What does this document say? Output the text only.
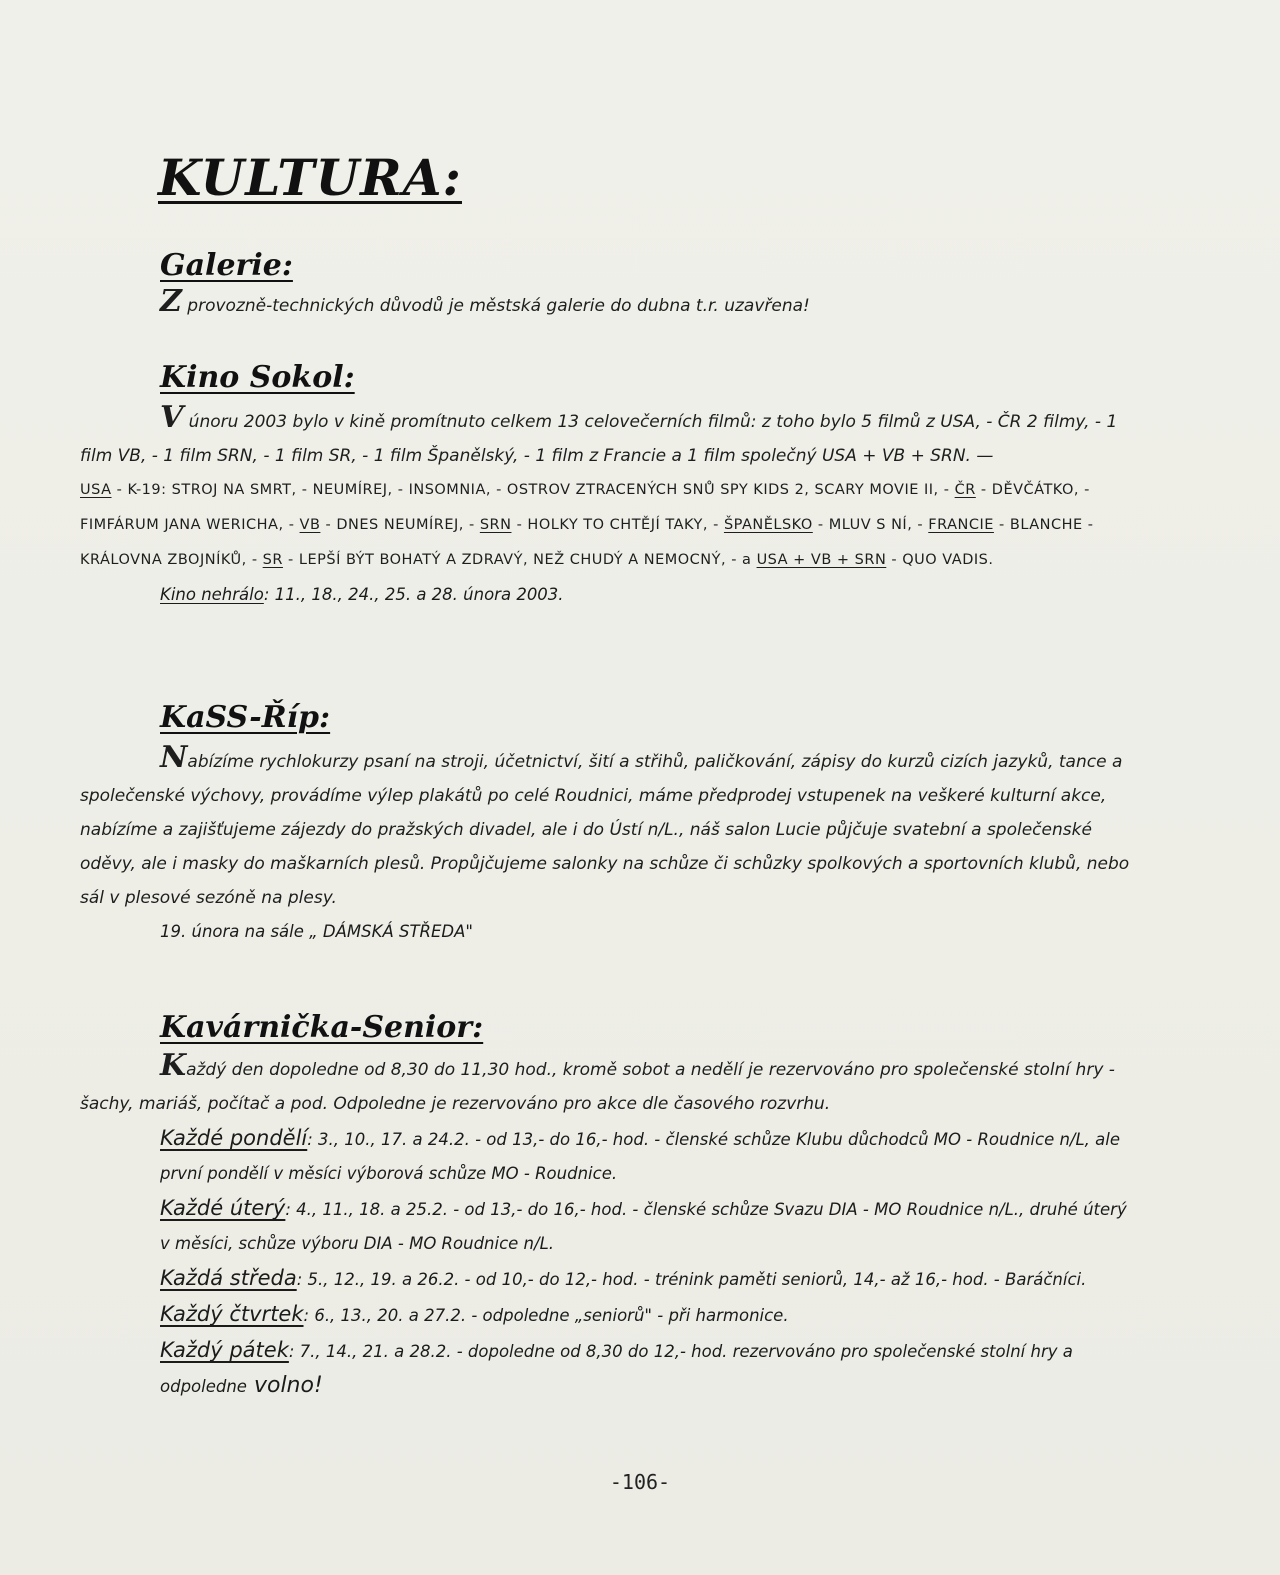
KULTURA:
Galerie:

Z provozně-technických důvodů je městská galerie do dubna t.r. uzavřena!

Kino Sokol:

V únoru 2003 bylo v kině promítnuto celkem 13 celovečerních filmů: z toho bylo 5 filmů z USA, - ČR 2 filmy, - 1 film VB, - 1 film SRN, - 1 film SR, - 1 film Španělský, - 1 film z Francie a 1 film společný USA + VB + SRN. —

USA - K-19: STROJ NA SMRT, - NEUMÍREJ, - INSOMNIA, - OSTROV ZTRACENÝCH SNŮ SPY KIDS 2, SCARY MOVIE II, - ČR - DĚVČÁTKO, - FIMFÁRUM JANA WERICHA, - VB - DNES NEUMÍREJ, - SRN - HOLKY TO CHTĚJÍ TAKY, - ŠPANĚLSKO - MLUV S NÍ, - FRANCIE - BLANCHE - KRÁLOVNA ZBOJNÍKŮ, - SR - LEPŠÍ BÝT BOHATÝ A ZDRAVÝ, NEŽ CHUDÝ A NEMOCNÝ, - a USA + VB + SRN - QUO VADIS.

Kino nehrálo: 11., 18., 24., 25. a 28. února 2003.

KaSS-Říp:

Nabízíme rychlokurzy psaní na stroji, účetnictví, šití a střihů, paličkování, zápisy do kurzů cizích jazyků, tance a společenské výchovy, provádíme výlep plakátů po celé Roudnici, máme předprodej vstupenek na veškeré kulturní akce, nabízíme a zajišťujeme zájezdy do pražských divadel, ale i do Ústí n/L., náš salon Lucie půjčuje svatební a společenské oděvy, ale i masky do maškarních plesů. Propůjčujeme salonky na schůze či schůzky spolkových a sportovních klubů, nebo sál v plesové sezóně na plesy.

19. února na sále „ DÁMSKÁ STŘEDA"

Kavárnička-Senior:

Každý den dopoledne od 8,30 do 11,30 hod., kromě sobot a nedělí je rezervováno pro společenské stolní hry - šachy, mariáš, počítač a pod. Odpoledne je rezervováno pro akce dle časového rozvrhu.

Každé pondělí: 3., 10., 17. a 24.2. - od 13,- do 16,- hod. - členské schůze Klubu důchodců MO - Roudnice n/L, ale první pondělí v měsíci výborová schůze MO - Roudnice.

Každé úterý: 4., 11., 18. a 25.2. - od 13,- do 16,- hod. - členské schůze Svazu DIA - MO Roudnice n/L., druhé úterý v měsíci, schůze výboru DIA - MO Roudnice n/L.

Každá středa: 5., 12., 19. a 26.2. - od 10,- do 12,- hod. - trénink paměti seniorů, 14,- až 16,- hod. - Baráčníci.

Každý čtvrtek: 6., 13., 20. a 27.2. - odpoledne „seniorů" - při harmonice.

Každý pátek: 7., 14., 21. a 28.2. - dopoledne od 8,30 do 12,- hod. rezervováno pro společenské stolní hry a odpoledne volno!

-106-
